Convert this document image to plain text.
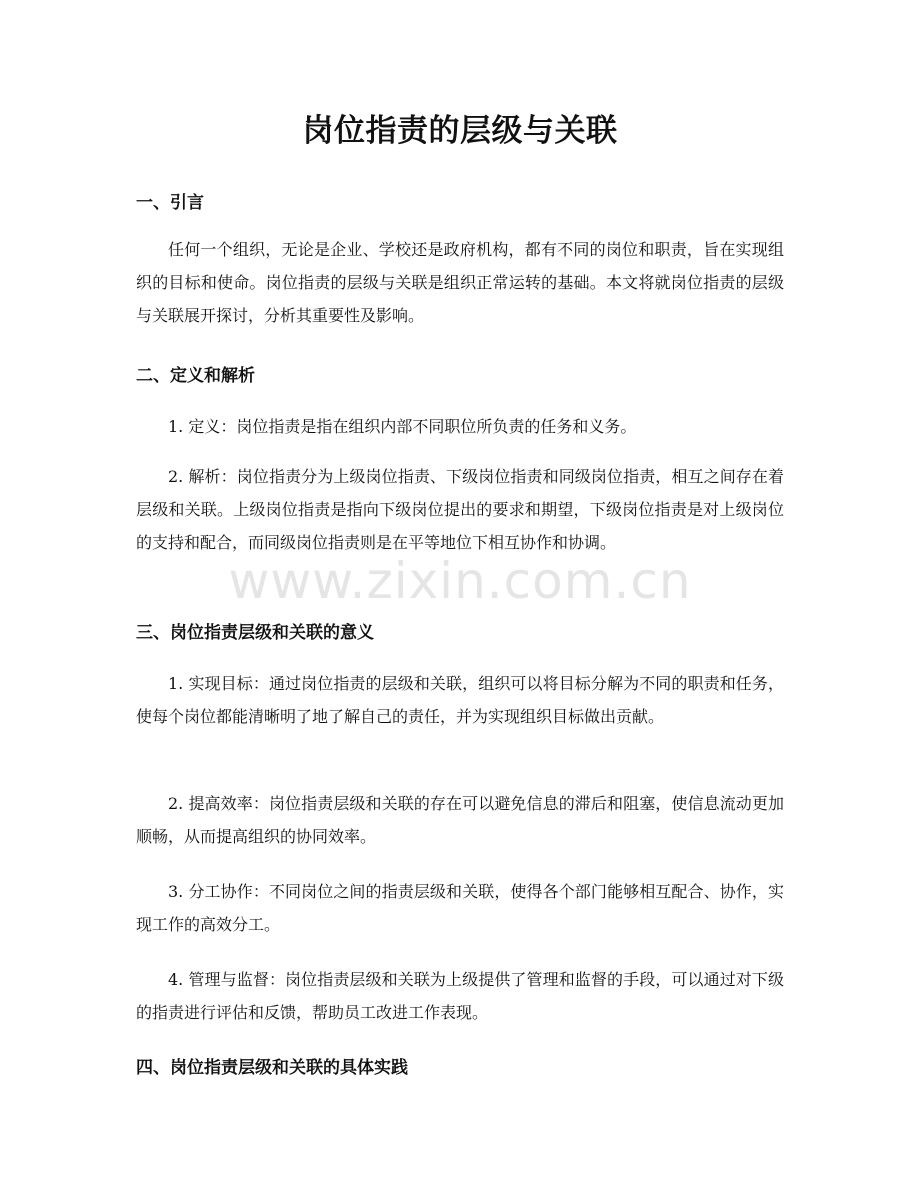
岗位指责的层级与关联
一、引言

任何一个组织，无论是企业、学校还是政府机构，都有不同的岗位和职责，旨在实现组织的目标和使命。岗位指责的层级与关联是组织正常运转的基础。本文将就岗位指责的层级与关联展开探讨，分析其重要性及影响。

二、定义和解析

1. 定义：岗位指责是指在组织内部不同职位所负责的任务和义务。

2. 解析：岗位指责分为上级岗位指责、下级岗位指责和同级岗位指责，相互之间存在着层级和关联。上级岗位指责是指向下级岗位提出的要求和期望，下级岗位指责是对上级岗位的支持和配合，而同级岗位指责则是在平等地位下相互协作和协调。

三、岗位指责层级和关联的意义

1. 实现目标：通过岗位指责的层级和关联，组织可以将目标分解为不同的职责和任务，使每个岗位都能清晰明了地了解自己的责任，并为实现组织目标做出贡献。

2. 提高效率：岗位指责层级和关联的存在可以避免信息的滞后和阻塞，使信息流动更加顺畅，从而提高组织的协同效率。

3. 分工协作：不同岗位之间的指责层级和关联，使得各个部门能够相互配合、协作，实现工作的高效分工。

4. 管理与监督：岗位指责层级和关联为上级提供了管理和监督的手段，可以通过对下级的指责进行评估和反馈，帮助员工改进工作表现。

四、岗位指责层级和关联的具体实践
www.zixin.com.cn
